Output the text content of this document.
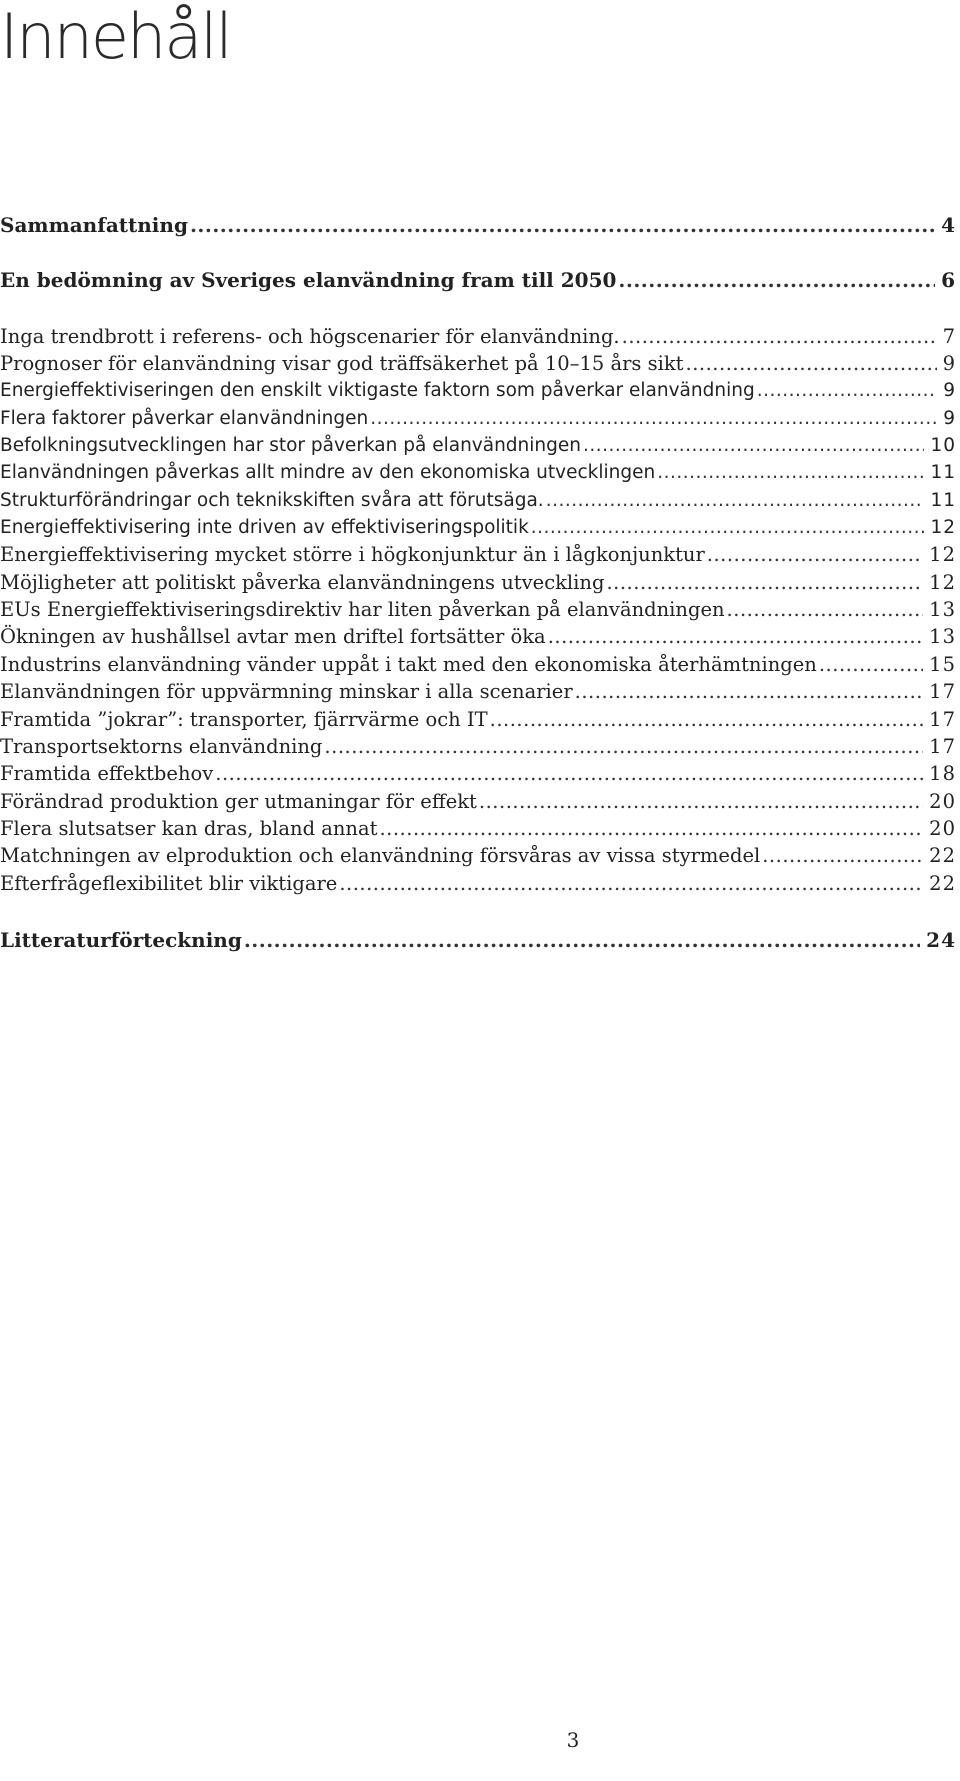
Innehåll
Sammanfattning .....	4
En bedömning av Sveriges elanvändning fram till 2050 .....	6
Inga trendbrott i referens- och högscenarier för elanvändning. .....	7
Prognoser för elanvändning visar god träffsäkerhet på 10–15 års sikt .....	9
Energieffektiviseringen den enskilt viktigaste faktorn som påverkar elanvändning .....	9
Flera faktorer påverkar elanvändningen .....	9
Befolkningsutvecklingen har stor påverkan på elanvändningen .....	10
Elanvändningen påverkas allt mindre av den ekonomiska utvecklingen .....	11
Strukturförändringar och teknikskiften svåra att förutsäga. .....	11
Energieffektivisering inte driven av effektiviseringspolitik .....	12
Energieffektivisering mycket större i högkonjunktur än i lågkonjunktur .....	12
Möjligheter att politiskt påverka elanvändningens utveckling .....	12
EUs Energieffektiviseringsdirektiv har liten påverkan på elanvändningen .....	13
Ökningen av hushållsel avtar men driftel fortsätter öka .....	13
Industrins elanvändning vänder uppåt i takt med den ekonomiska återhämtningen .....	15
Elanvändningen för uppvärmning minskar i alla scenarier .....	17
Framtida ”jokrar”: transporter, fjärrvärme och IT .....	17
Transportsektorns elanvändning .....	17
Framtida effektbehov .....	18
Förändrad produktion ger utmaningar för effekt .....	20
Flera slutsatser kan dras, bland annat .....	20
Matchningen av elproduktion och elanvändning försvåras av vissa styrmedel .....	22
Efterfrågeflexibilitet blir viktigare .....	22
Litteraturförteckning .....	24
3
